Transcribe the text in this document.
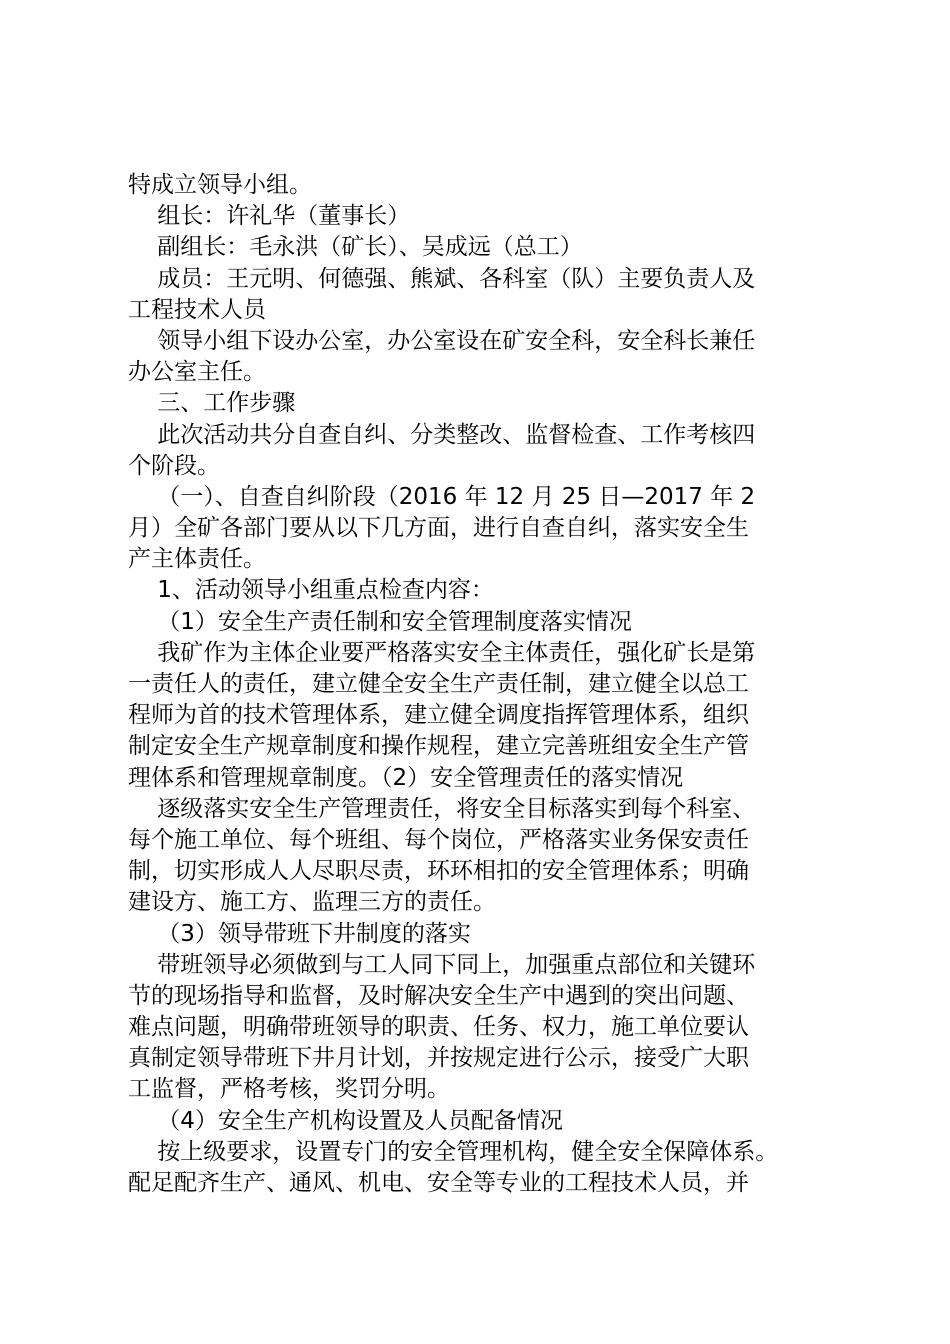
特成立领导小组。
组长：许礼华（董事长）
副组长：毛永洪（矿长）、吴成远（总工）
成员：王元明、何德强、熊斌、各科室（队）主要负责人及
工程技术人员
领导小组下设办公室，办公室设在矿安全科，安全科长兼任
办公室主任。
三、工作步骤
此次活动共分自查自纠、分类整改、监督检查、工作考核四
个阶段。
（一）、自查自纠阶段（2016 年 12 月 25 日—2017 年 2
月）全矿各部门要从以下几方面，进行自查自纠，落实安全生
产主体责任。
1、活动领导小组重点检查内容：
（1）安全生产责任制和安全管理制度落实情况
我矿作为主体企业要严格落实安全主体责任，强化矿长是第
一责任人的责任，建立健全安全生产责任制，建立健全以总工
程师为首的技术管理体系，建立健全调度指挥管理体系，组织
制定安全生产规章制度和操作规程，建立完善班组安全生产管
理体系和管理规章制度。（2）安全管理责任的落实情况
逐级落实安全生产管理责任，将安全目标落实到每个科室、
每个施工单位、每个班组、每个岗位，严格落实业务保安责任
制，切实形成人人尽职尽责，环环相扣的安全管理体系；明确
建设方、施工方、监理三方的责任。
（3）领导带班下井制度的落实
带班领导必须做到与工人同下同上，加强重点部位和关键环
节的现场指导和监督，及时解决安全生产中遇到的突出问题、
难点问题，明确带班领导的职责、任务、权力，施工单位要认
真制定领导带班下井月计划，并按规定进行公示，接受广大职
工监督，严格考核，奖罚分明。
（4）安全生产机构设置及人员配备情况
按上级要求，设置专门的安全管理机构，健全安全保障体系。
配足配齐生产、通风、机电、安全等专业的工程技术人员，并
